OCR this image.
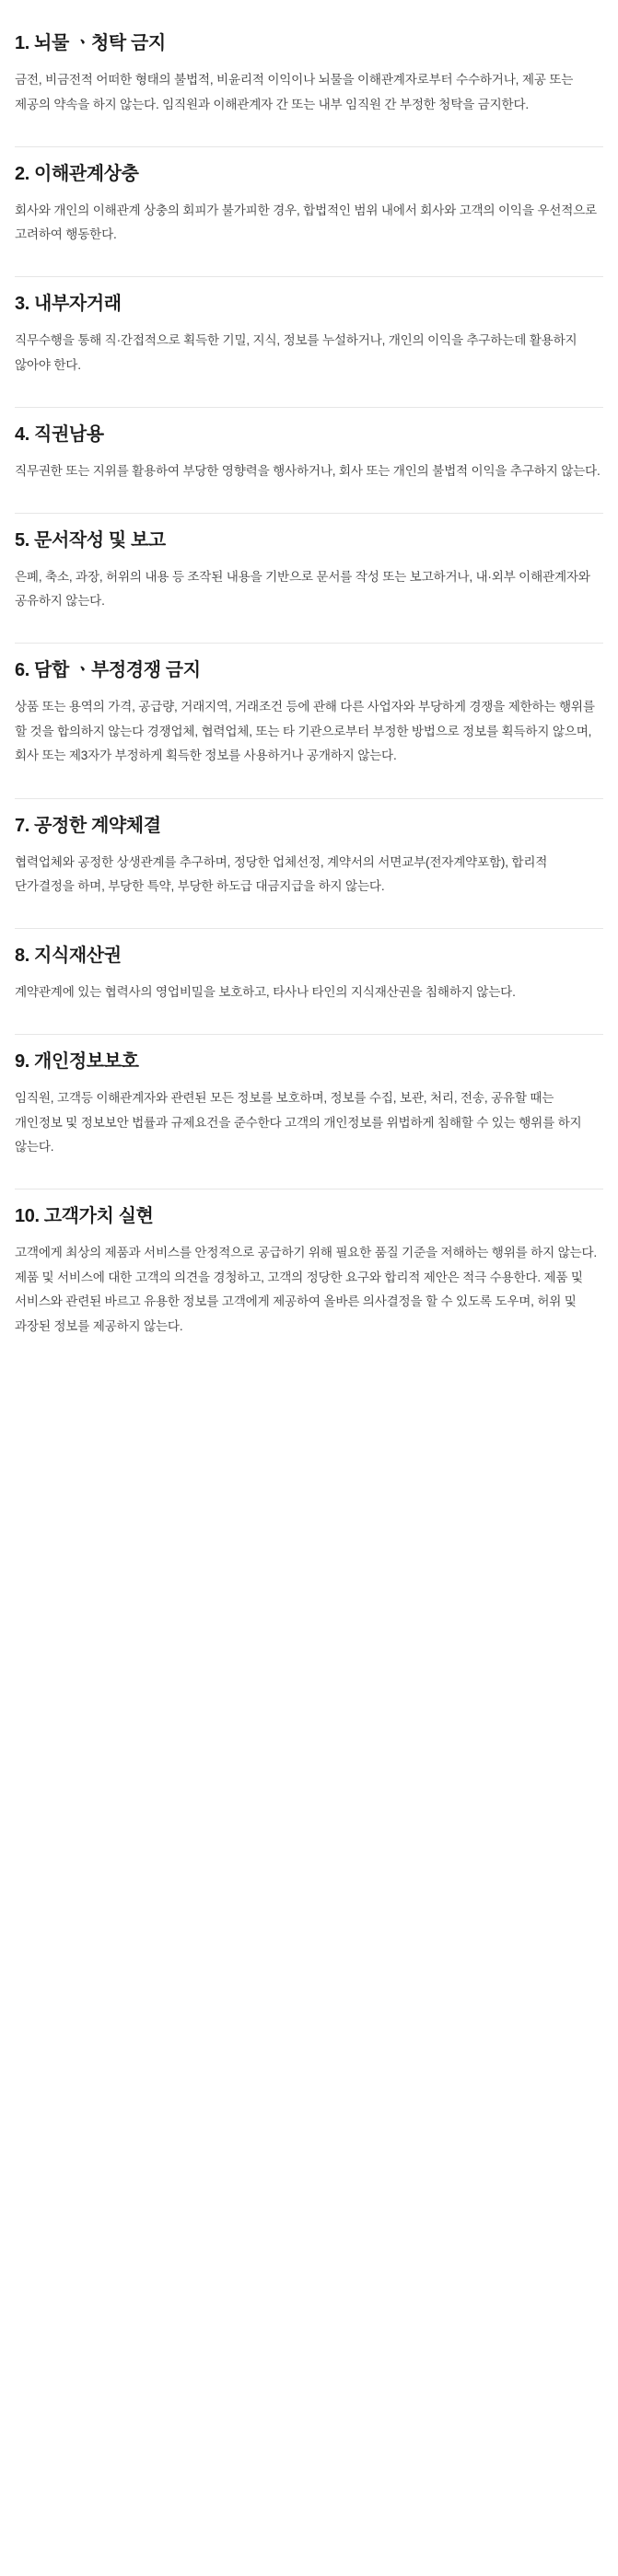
1. 뇌물 ㆍ청탁 금지

금전, 비금전적 어떠한 형태의 불법적, 비윤리적 이익이나 뇌물을 이해관계자로부터 수수하거나, 제공 또는 제공의 약속을 하지 않는다. 임직원과 이해관계자 간 또는 내부 임직원 간 부정한 청탁을 금지한다.

2. 이해관계상충

회사와 개인의 이해관계 상충의 회피가 불가피한 경우, 합법적인 범위 내에서 회사와 고객의 이익을 우선적으로 고려하여 행동한다.

3. 내부자거래

직무수행을 통해 직·간접적으로 획득한 기밀, 지식, 정보를 누설하거나, 개인의 이익을 추구하는데 활용하지 않아야 한다.

4. 직권남용

직무권한 또는 지위를 활용하여 부당한 영향력을 행사하거나, 회사 또는 개인의 불법적 이익을 추구하지 않는다.

5. 문서작성 및 보고

은폐, 축소, 과장, 허위의 내용 등 조작된 내용을 기반으로 문서를 작성 또는 보고하거나, 내·외부 이해관계자와 공유하지 않는다.

6. 담합 ㆍ부정경쟁 금지

상품 또는 용역의 가격, 공급량, 거래지역, 거래조건 등에 관해 다른 사업자와 부당하게 경쟁을 제한하는 행위를 할 것을 합의하지 않는다 경쟁업체, 협력업체, 또는 타 기관으로부터 부정한 방법으로 정보를 획득하지 않으며, 회사 또는 제3자가 부정하게 획득한 정보를 사용하거나 공개하지 않는다.

7. 공정한 계약체결

협력업체와 공정한 상생관계를 추구하며, 정당한 업체선정, 계약서의 서면교부(전자계약포함), 합리적 단가결정을 하며, 부당한 특약, 부당한 하도급 대금지급을 하지 않는다.

8. 지식재산권

계약관계에 있는 협력사의 영업비밀을 보호하고, 타사나 타인의 지식재산권을 침해하지 않는다.

9. 개인정보보호

임직원, 고객등 이해관계자와 관련된 모든 정보를 보호하며, 정보를 수집, 보관, 처리, 전송, 공유할 때는 개인정보 및 정보보안 법률과 규제요건을 준수한다 고객의 개인정보를 위법하게 침해할 수 있는 행위를 하지 않는다.

10. 고객가치 실현

고객에게 최상의 제품과 서비스를 안정적으로 공급하기 위해 필요한 품질 기준을 저해하는 행위를 하지 않는다. 제품 및 서비스에 대한 고객의 의견을 경청하고, 고객의 정당한 요구와 합리적 제안은 적극 수용한다. 제품 및 서비스와 관련된 바르고 유용한 정보를 고객에게 제공하여 올바른 의사결정을 할 수 있도록 도우며, 허위 및 과장된 정보를 제공하지 않는다.
